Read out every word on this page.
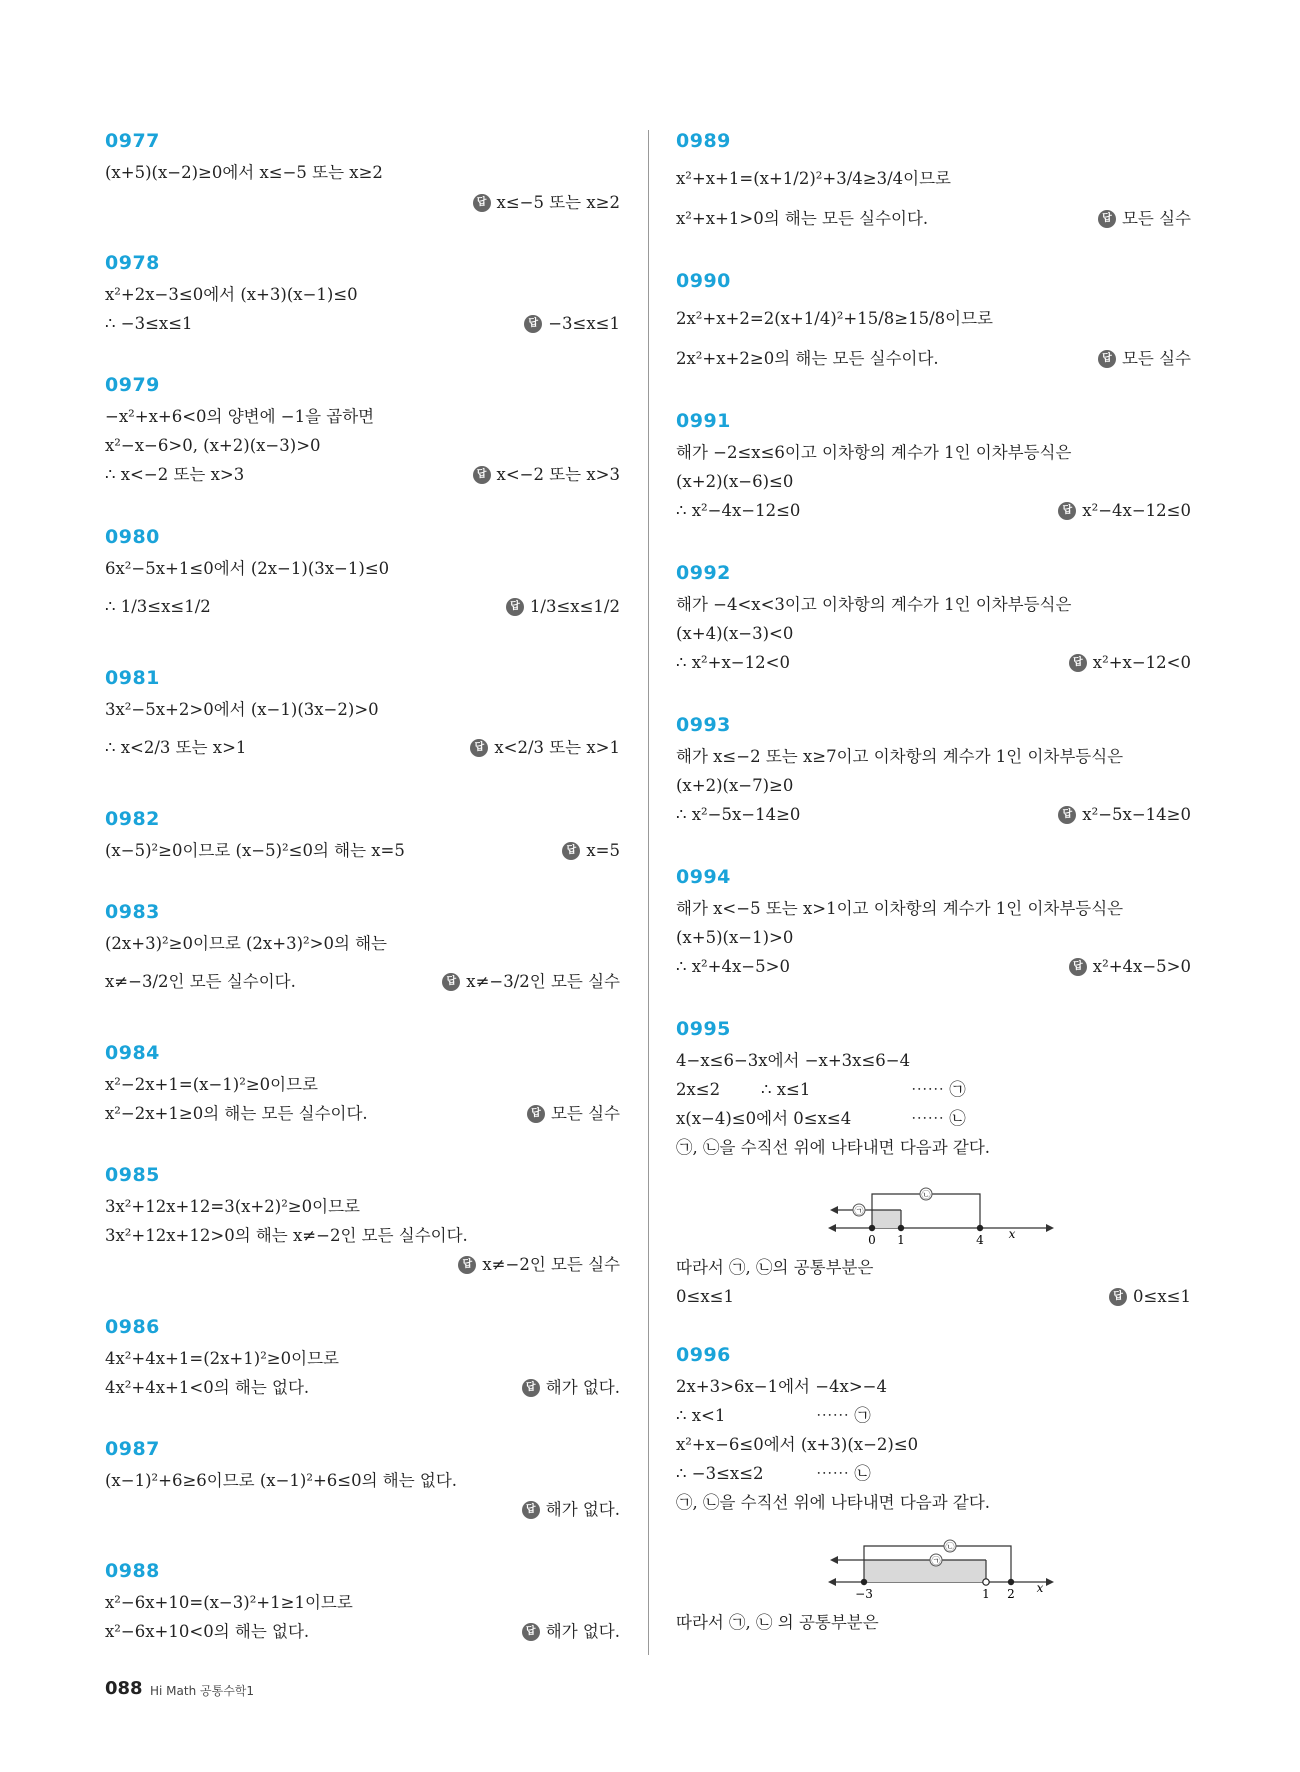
0977
(x+5)(x−2)≥0에서 x≤−5 또는 x≥2
답 x≤−5 또는 x≥2
0978
x²+2x−3≤0에서 (x+3)(x−1)≤0
∴ −3≤x≤1	답 −3≤x≤1
0979
−x²+x+6<0의 양변에 −1을 곱하면
x²−x−6>0, (x+2)(x−3)>0
∴ x<−2 또는 x>3	답 x<−2 또는 x>3
0980
6x²−5x+1≤0에서 (2x−1)(3x−1)≤0
∴ 1/3≤x≤1/2	답 1/3≤x≤1/2
0981
3x²−5x+2>0에서 (x−1)(3x−2)>0
∴ x<2/3 또는 x>1	답 x<2/3 또는 x>1
0982
(x−5)²≥0이므로 (x−5)²≤0의 해는 x=5	답 x=5
0983
(2x+3)²≥0이므로 (2x+3)²>0의 해는
x≠−3/2인 모든 실수이다.	답 x≠−3/2인 모든 실수
0984
x²−2x+1=(x−1)²≥0이므로
x²−2x+1≥0의 해는 모든 실수이다.	답 모든 실수
0985
3x²+12x+12=3(x+2)²≥0이므로
3x²+12x+12>0의 해는 x≠−2인 모든 실수이다.
답 x≠−2인 모든 실수
0986
4x²+4x+1=(2x+1)²≥0이므로
4x²+4x+1<0의 해는 없다.	답 해가 없다.
0987
(x−1)²+6≥6이므로 (x−1)²+6≤0의 해는 없다.
답 해가 없다.
0988
x²−6x+10=(x−3)²+1≥1이므로
x²−6x+10<0의 해는 없다.	답 해가 없다.
0989
x²+x+1=(x+1/2)²+3/4≥3/4이므로
x²+x+1>0의 해는 모든 실수이다.	답 모든 실수
0990
2x²+x+2=2(x+1/4)²+15/8≥15/8이므로
2x²+x+2≥0의 해는 모든 실수이다.	답 모든 실수
0991
해가 −2≤x≤6이고 이차항의 계수가 1인 이차부등식은
(x+2)(x−6)≤0
∴ x²−4x−12≤0	답 x²−4x−12≤0
0992
해가 −4<x<3이고 이차항의 계수가 1인 이차부등식은
(x+4)(x−3)<0
∴ x²+x−12<0	답 x²+x−12<0
0993
해가 x≤−2 또는 x≥7이고 이차항의 계수가 1인 이차부등식은
(x+2)(x−7)≥0
∴ x²−5x−14≥0	답 x²−5x−14≥0
0994
해가 x<−5 또는 x>1이고 이차항의 계수가 1인 이차부등식은
(x+5)(x−1)>0
∴ x²+4x−5>0	답 x²+4x−5>0
0995
4−x≤6−3x에서 −x+3x≤6−4
2x≤2 ∴ x≤1	⋯⋯ ㉠
x(x−4)≤0에서 0≤x≤4	⋯⋯ ㉡
㉠, ㉡을 수직선 위에 나타내면 다음과 같다.
㉠
㉡
0 1	4 x
따라서 ㉠, ㉡의 공통부분은
0≤x≤1	답 0≤x≤1
0996
2x+3>6x−1에서 −4x>−4
∴ x<1	⋯⋯ ㉠
x²+x−6≤0에서 (x+3)(x−2)≤0
∴ −3≤x≤2	⋯⋯ ㉡
㉠, ㉡을 수직선 위에 나타내면 다음과 같다.
㉠
㉡
−3	1 2 x
따라서 ㉠, ㉡ 의 공통부분은
088 Hi Math 공통수학1
